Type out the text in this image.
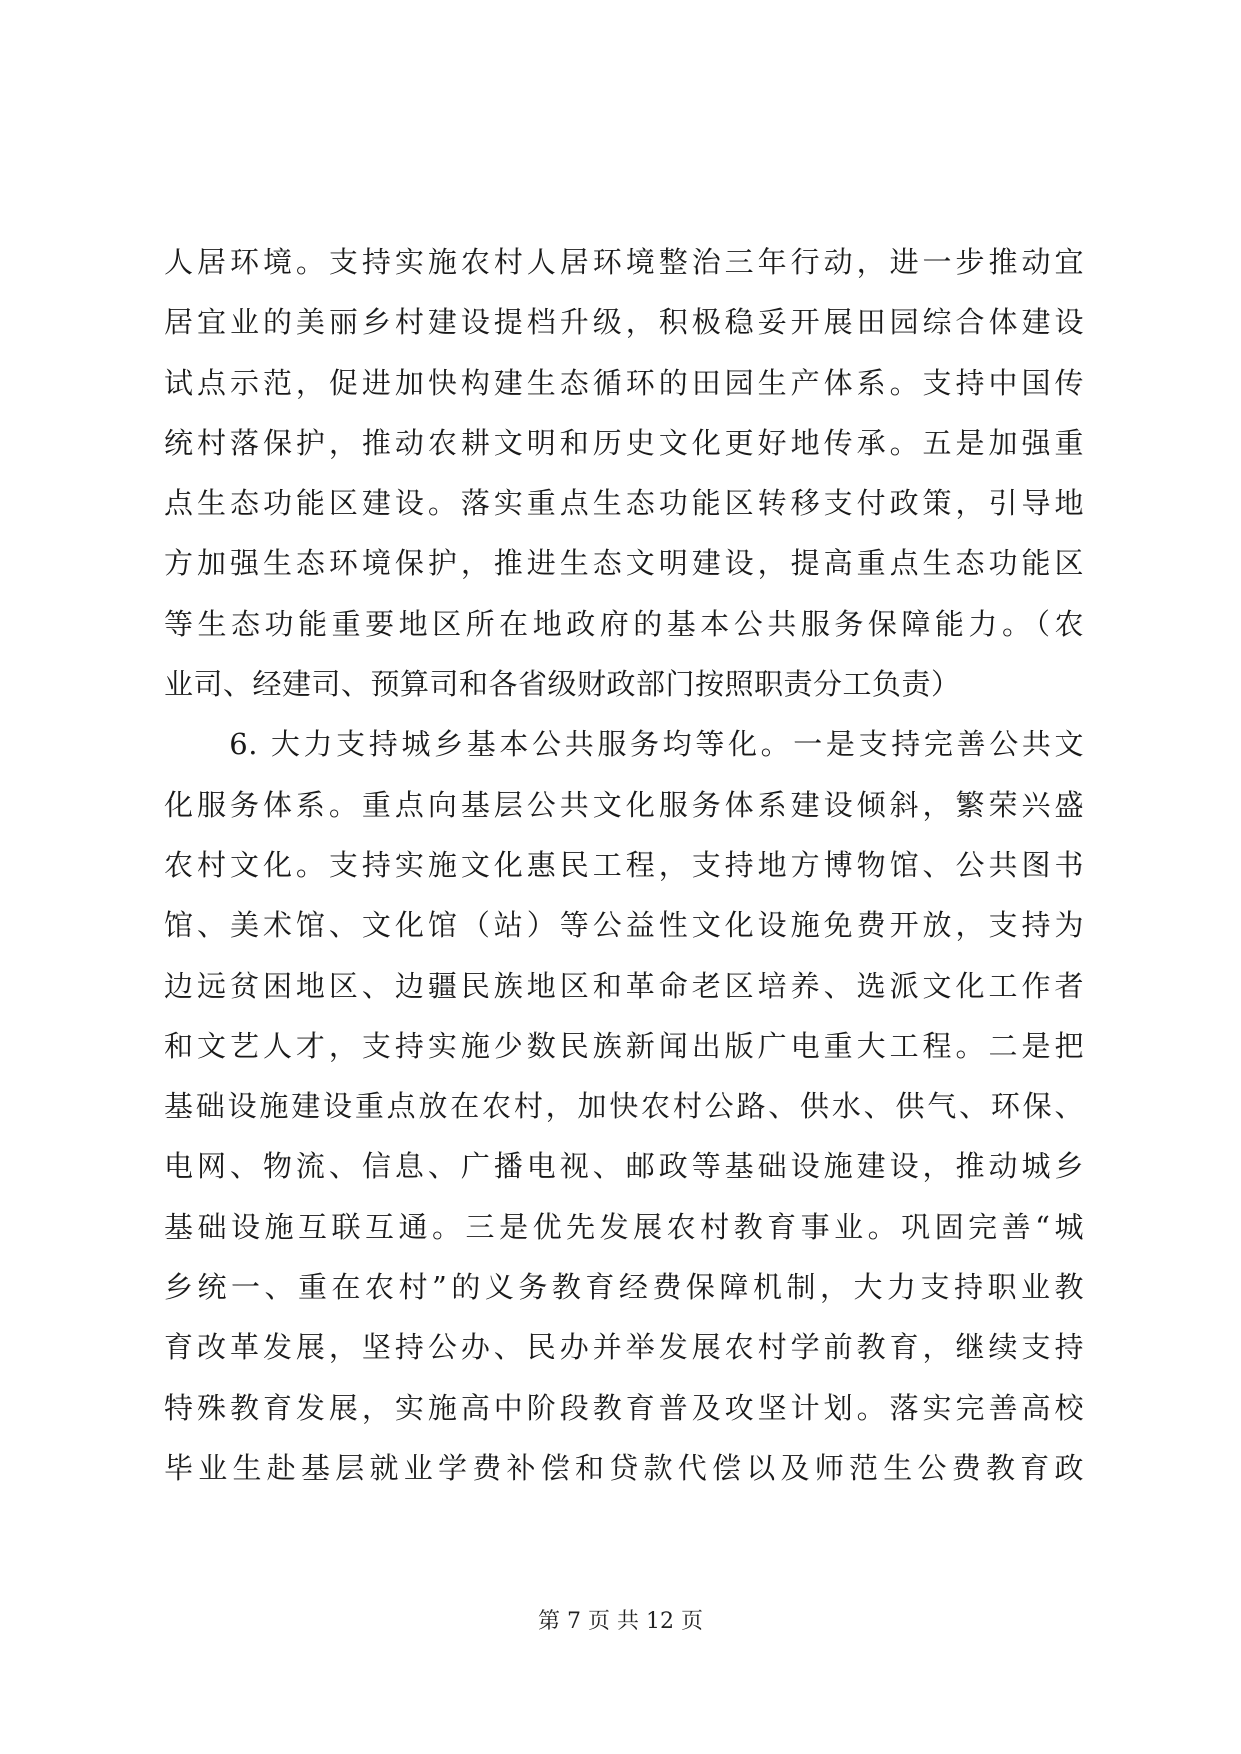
人居环境。支持实施农村人居环境整治三年行动，进一步推动宜
居宜业的美丽乡村建设提档升级，积极稳妥开展田园综合体建设
试点示范，促进加快构建生态循环的田园生产体系。支持中国传
统村落保护，推动农耕文明和历史文化更好地传承。五是加强重
点生态功能区建设。落实重点生态功能区转移支付政策，引导地
方加强生态环境保护，推进生态文明建设，提高重点生态功能区
等生态功能重要地区所在地政府的基本公共服务保障能力。（农
业司、经建司、预算司和各省级财政部门按照职责分工负责）
　　6. 大力支持城乡基本公共服务均等化。一是支持完善公共文
化服务体系。重点向基层公共文化服务体系建设倾斜，繁荣兴盛
农村文化。支持实施文化惠民工程，支持地方博物馆、公共图书
馆、美术馆、文化馆（站）等公益性文化设施免费开放，支持为
边远贫困地区、边疆民族地区和革命老区培养、选派文化工作者
和文艺人才，支持实施少数民族新闻出版广电重大工程。二是把
基础设施建设重点放在农村，加快农村公路、供水、供气、环保、
电网、物流、信息、广播电视、邮政等基础设施建设，推动城乡
基础设施互联互通。三是优先发展农村教育事业。巩固完善“城
乡统一、重在农村”的义务教育经费保障机制，大力支持职业教
育改革发展，坚持公办、民办并举发展农村学前教育，继续支持
特殊教育发展，实施高中阶段教育普及攻坚计划。落实完善高校
毕业生赴基层就业学费补偿和贷款代偿以及师范生公费教育政
第 7 页 共 12 页
